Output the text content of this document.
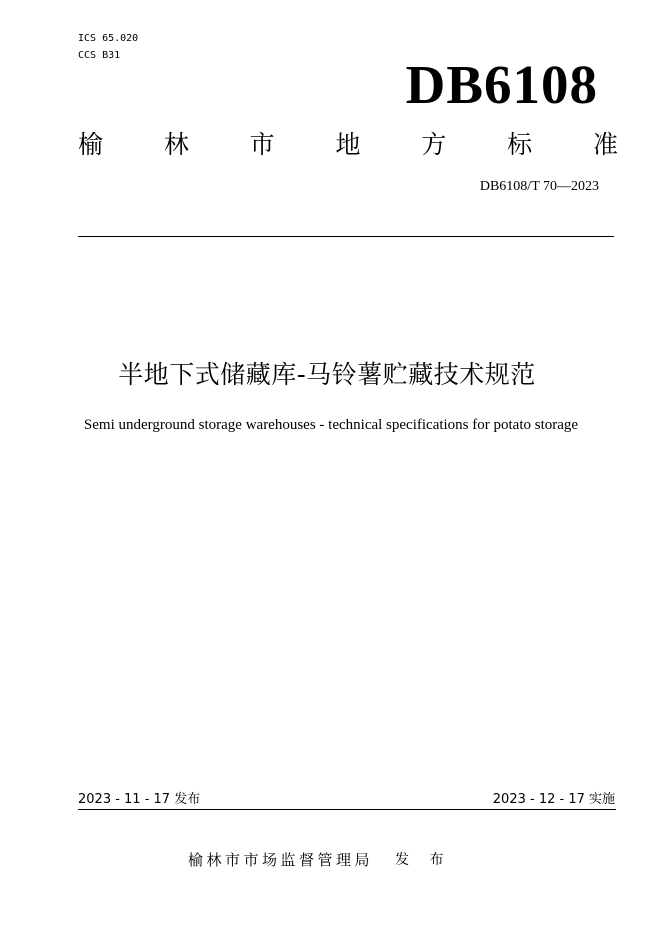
ICS 65.020
CCS B31	DB6108
榆 林 市 地 方 标 准
DB6108/T 70—2023
半地下式储藏库-马铃薯贮藏技术规范
Semi underground storage warehouses - technical specifications for potato storage
2023 - 11 - 17 发布	2023 - 12 - 17 实施
榆林市市场监督管理局 发 布
